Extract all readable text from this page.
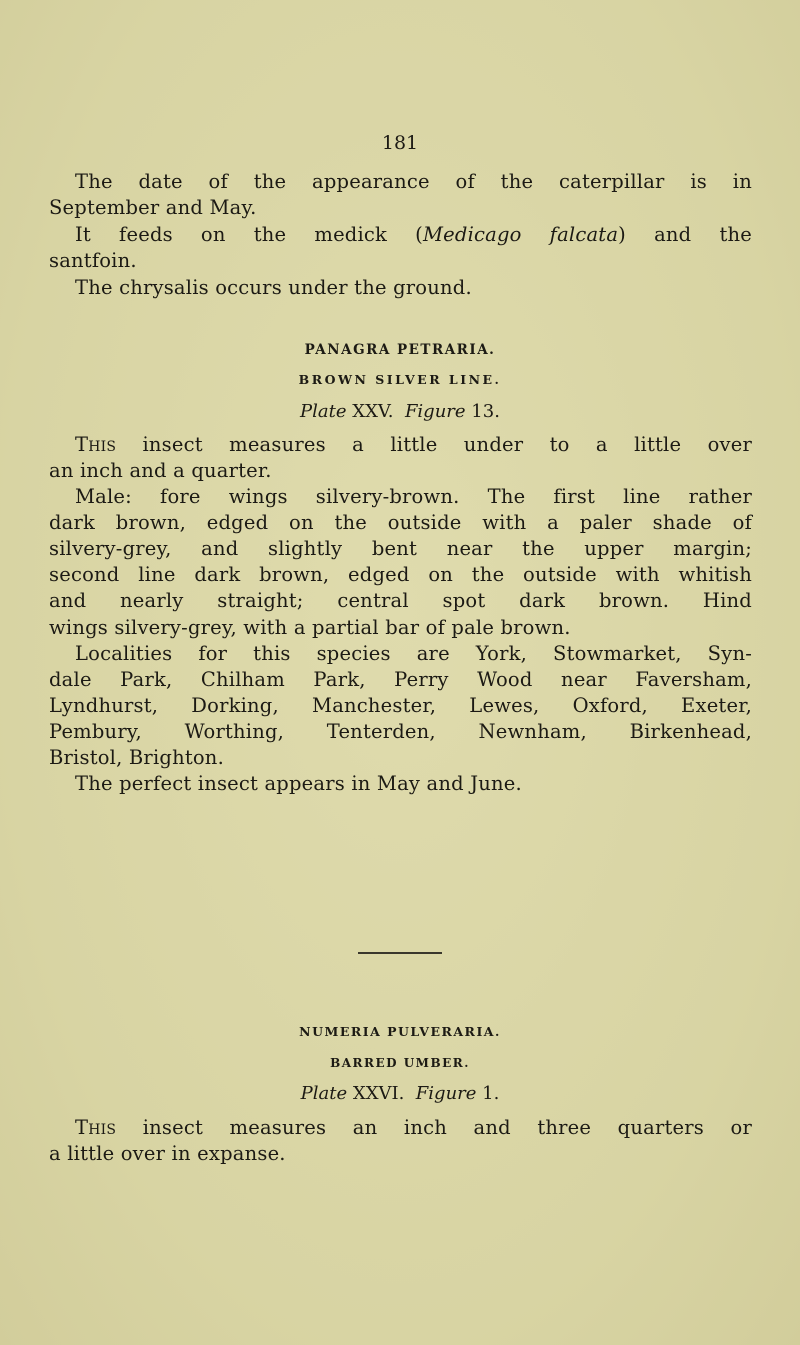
181
The date of the appearance of the caterpillar is in
September and May.
It feeds on the medick (Medicago falcata) and the
santfoin.
The chrysalis occurs under the ground.
PANAGRA PETRARIA.
BROWN SILVER LINE.
Plate XXV. Figure 13.
This insect measures a little under to a little over
an inch and a quarter.
Male: fore wings silvery-brown. The first line rather
dark brown, edged on the outside with a paler shade of
silvery-grey, and slightly bent near the upper margin;
second line dark brown, edged on the outside with whitish
and nearly straight; central spot dark brown. Hind
wings silvery-grey, with a partial bar of pale brown.
Localities for this species are York, Stowmarket, Syn-
dale Park, Chilham Park, Perry Wood near Faversham,
Lyndhurst, Dorking, Manchester, Lewes, Oxford, Exeter,
Pembury, Worthing, Tenterden, Newnham, Birkenhead,
Bristol, Brighton.
The perfect insect appears in May and June.
NUMERIA PULVERARIA.
BARRED UMBER.
Plate XXVI. Figure 1.
This insect measures an inch and three quarters or
a little over in expanse.
